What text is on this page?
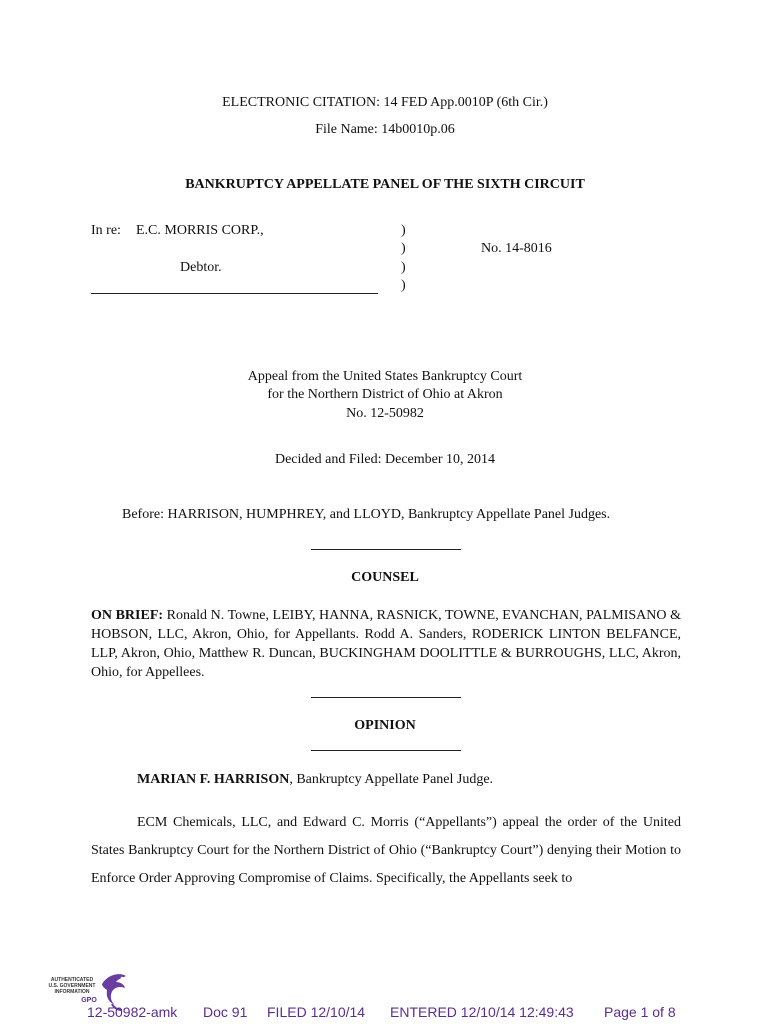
ELECTRONIC CITATION: 14 FED App.0010P (6th Cir.)
File Name: 14b0010p.06
BANKRUPTCY APPELLATE PANEL OF THE SIXTH CIRCUIT
In re: E.C. MORRIS CORP.,
Debtor.
)
)
)
)
No. 14-8016
Appeal from the United States Bankruptcy Court
for the Northern District of Ohio at Akron
No. 12-50982
Decided and Filed: December 10, 2014
Before: HARRISON, HUMPHREY, and LLOYD, Bankruptcy Appellate Panel Judges.
COUNSEL
ON BRIEF: Ronald N. Towne, LEIBY, HANNA, RASNICK, TOWNE, EVANCHAN, PALMISANO & HOBSON, LLC, Akron, Ohio, for Appellants. Rodd A. Sanders, RODERICK LINTON BELFANCE, LLP, Akron, Ohio, Matthew R. Duncan, BUCKINGHAM DOOLITTLE & BURROUGHS, LLC, Akron, Ohio, for Appellees.
OPINION
MARIAN F. HARRISON, Bankruptcy Appellate Panel Judge.
ECM Chemicals, LLC, and Edward C. Morris (“Appellants”) appeal the order of the United States Bankruptcy Court for the Northern District of Ohio (“Bankruptcy Court”) denying their Motion to Enforce Order Approving Compromise of Claims. Specifically, the Appellants seek to
AUTHENTICATED
U.S. GOVERNMENT
INFORMATION
GPO
12-50982-amk Doc 91 FILED 12/10/14 ENTERED 12/10/14 12:49:43 Page 1 of 8
